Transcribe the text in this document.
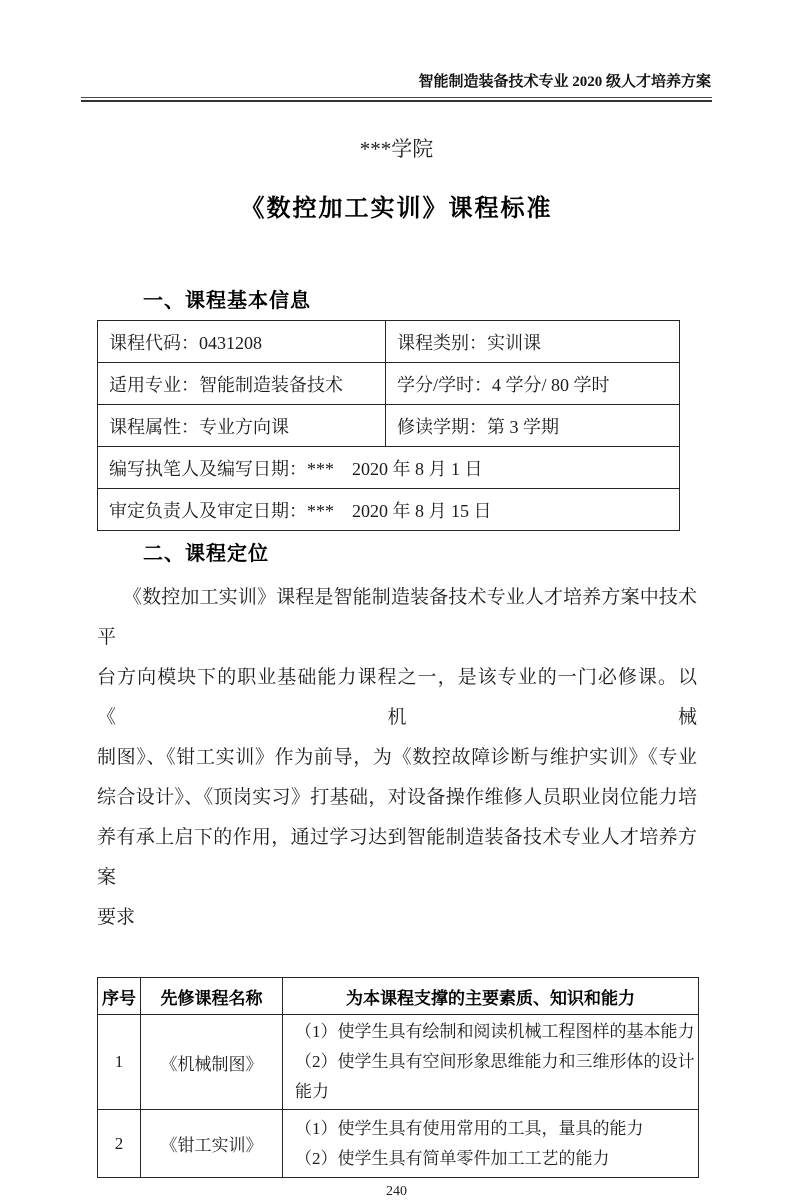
智能制造装备技术专业 2020 级人才培养方案
***学院
《数控加工实训》课程标准
一、课程基本信息
课程代码：0431208	课程类别：实训课
适用专业：智能制造装备技术	学分/学时：4 学分/ 80 学时
课程属性：专业方向课	修读学期：第 3 学期
编写执笔人及编写日期：***　2020 年 8 月 1 日	
审定负责人及审定日期：***　2020 年 8 月 15 日	
二、课程定位
《数控加工实训》课程是智能制造装备技术专业人才培养方案中技术平
台方向模块下的职业基础能力课程之一，是该专业的一门必修课。以《机械
制图》、《钳工实训》作为前导，为《数控故障诊断与维护实训》《专业
综合设计》、《顶岗实习》打基础，对设备操作维修人员职业岗位能力培
养有承上启下的作用，通过学习达到智能制造装备技术专业人才培养方案
要求
序号	先修课程名称	为本课程支撑的主要素质、知识和能力
1	《机械制图》	（1）使学生具有绘制和阅读机械工程图样的基本能力
（2）使学生具有空间形象思维能力和三维形体的设计能力

2	《钳工实训》	（1）使学生具有使用常用的工具，量具的能力
（2）使学生具有简单零件加工工艺的能力
240
